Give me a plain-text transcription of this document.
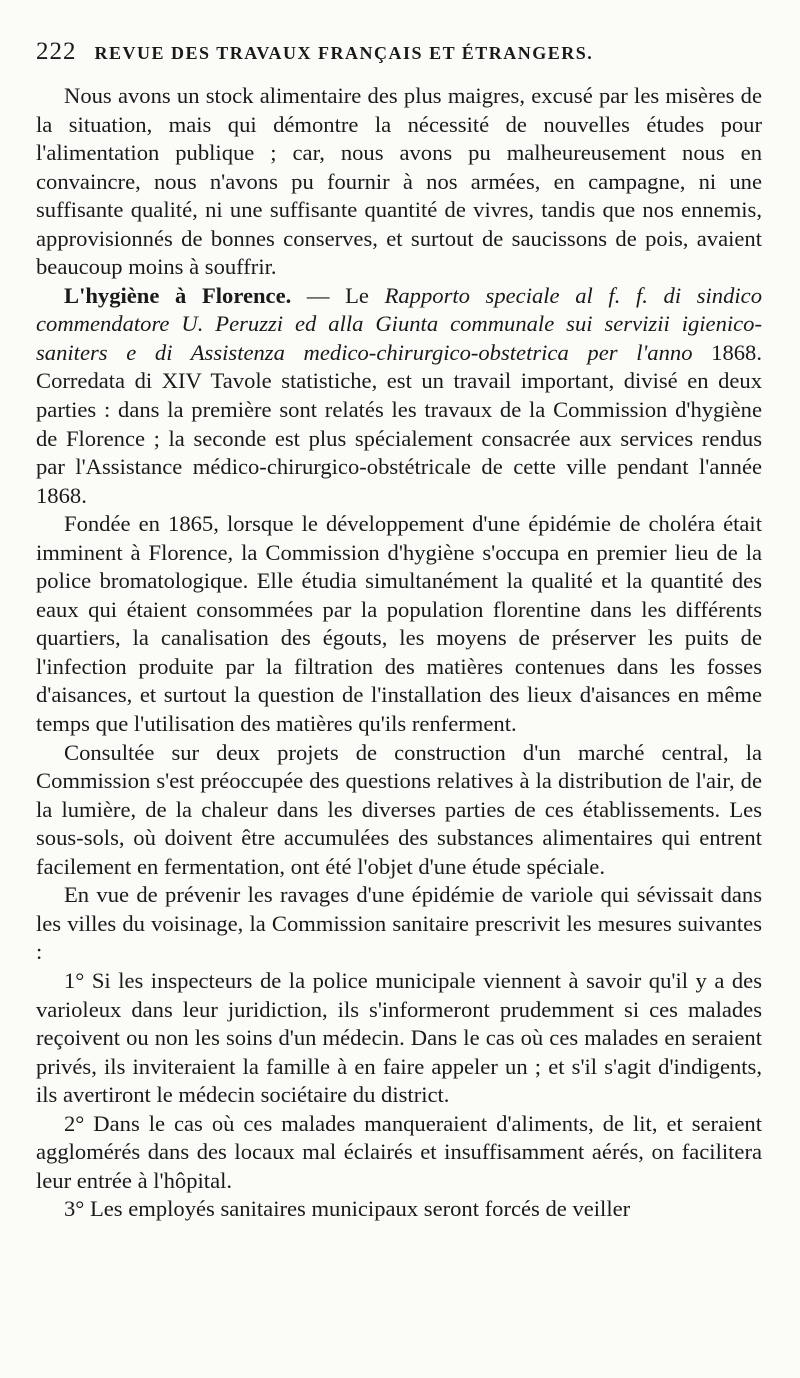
222 REVUE DES TRAVAUX FRANÇAIS ET ÉTRANGERS.

Nous avons un stock alimentaire des plus maigres, excusé par les misères de la situation, mais qui démontre la nécessité de nouvelles études pour l'alimentation publique ; car, nous avons pu malheureusement nous en convaincre, nous n'avons pu fournir à nos armées, en campagne, ni une suffisante qualité, ni une suffisante quantité de vivres, tandis que nos ennemis, approvisionnés de bonnes conserves, et surtout de saucissons de pois, avaient beaucoup moins à souffrir.

L'hygiène à Florence. — Le Rapporto speciale al f. f. di sindico commendatore U. Peruzzi ed alla Giunta communale sui servizii igienico-saniters e di Assistenza medico-chirurgico-obstetrica per l'anno 1868. Corredata di XIV Tavole statistiche, est un travail important, divisé en deux parties : dans la première sont relatés les travaux de la Commission d'hygiène de Florence ; la seconde est plus spécialement consacrée aux services rendus par l'Assistance médico-chirurgico-obstétricale de cette ville pendant l'année 1868.

Fondée en 1865, lorsque le développement d'une épidémie de choléra était imminent à Florence, la Commission d'hygiène s'occupa en premier lieu de la police bromatologique. Elle étudia simultanément la qualité et la quantité des eaux qui étaient consommées par la population florentine dans les différents quartiers, la canalisation des égouts, les moyens de préserver les puits de l'infection produite par la filtration des matières contenues dans les fosses d'aisances, et surtout la question de l'installation des lieux d'aisances en même temps que l'utilisation des matières qu'ils renferment.

Consultée sur deux projets de construction d'un marché central, la Commission s'est préoccupée des questions relatives à la distribution de l'air, de la lumière, de la chaleur dans les diverses parties de ces établissements. Les sous-sols, où doivent être accumulées des substances alimentaires qui entrent facilement en fermentation, ont été l'objet d'une étude spéciale.

En vue de prévenir les ravages d'une épidémie de variole qui sévissait dans les villes du voisinage, la Commission sanitaire prescrivit les mesures suivantes :

1° Si les inspecteurs de la police municipale viennent à savoir qu'il y a des varioleux dans leur juridiction, ils s'informeront prudemment si ces malades reçoivent ou non les soins d'un médecin. Dans le cas où ces malades en seraient privés, ils inviteraient la famille à en faire appeler un ; et s'il s'agit d'indigents, ils avertiront le médecin sociétaire du district.

2° Dans le cas où ces malades manqueraient d'aliments, de lit, et seraient agglomérés dans des locaux mal éclairés et insuffisamment aérés, on facilitera leur entrée à l'hôpital.

3° Les employés sanitaires municipaux seront forcés de veiller
